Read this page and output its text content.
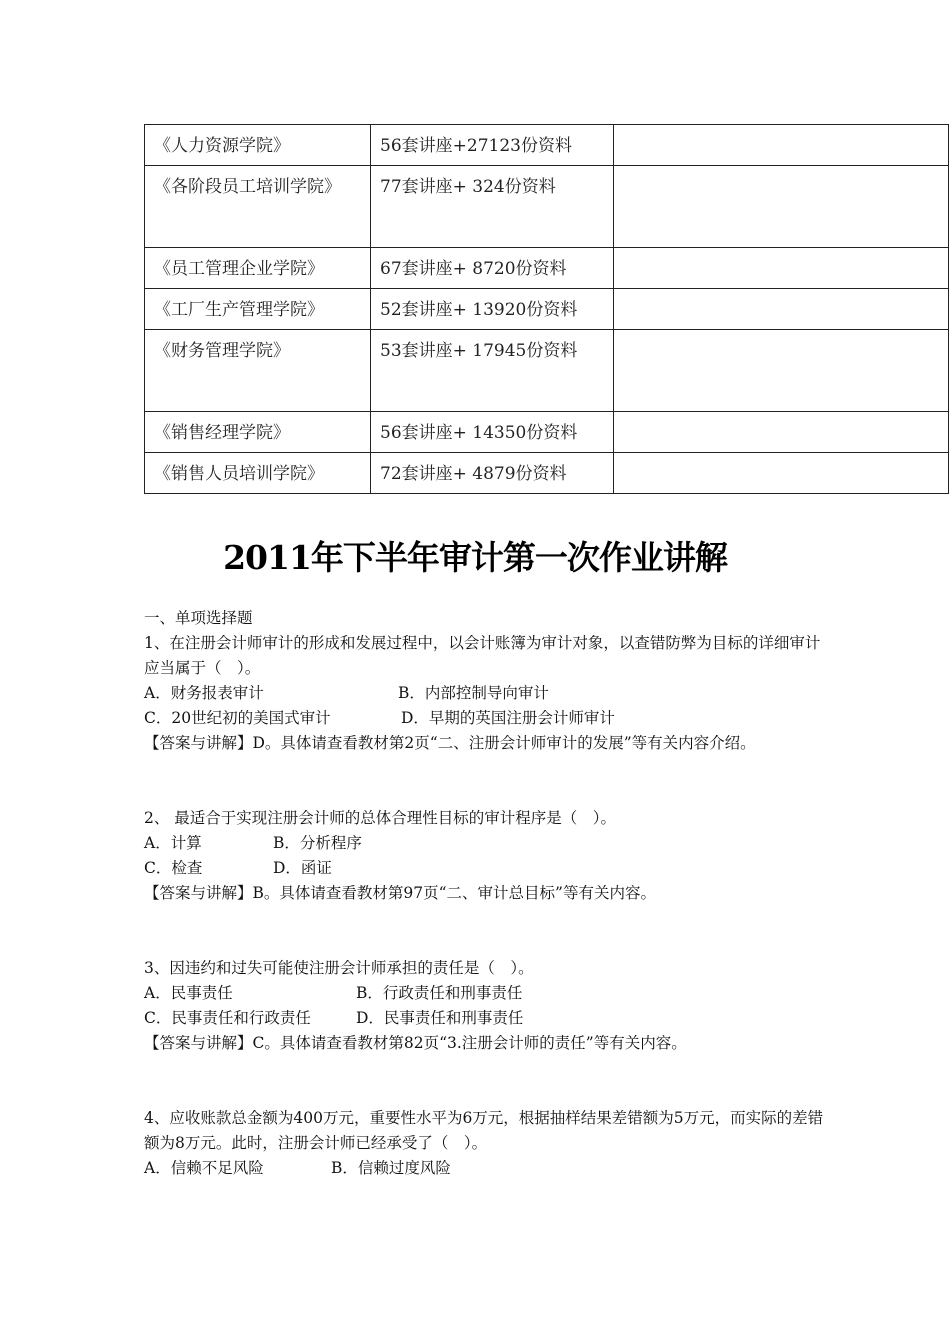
《人力资源学院》	56套讲座+27123份资料	
《各阶段员工培训学院》	77套讲座+ 324份资料	
《员工管理企业学院》	67套讲座+ 8720份资料	
《工厂生产管理学院》	52套讲座+ 13920份资料	
《财务管理学院》	53套讲座+ 17945份资料	
《销售经理学院》	56套讲座+ 14350份资料	
《销售人员培训学院》	72套讲座+ 4879份资料	
2011年下半年审计第一次作业讲解

一、单项选择题

1、在注册会计师审计的形成和发展过程中，以会计账簿为审计对象，以查错防弊为目标的详细审计应当属于（　）。

A．财务报表审计	B．内部控制导向审计

C．20世纪初的美国式审计	D．早期的英国注册会计师审计

【答案与讲解】D。具体请查看教材第2页“二、注册会计师审计的发展”等有关内容介绍。

2、 最适合于实现注册会计师的总体合理性目标的审计程序是（　）。

A．计算	B．分析程序

C．检查	D．函证

【答案与讲解】B。具体请查看教材第97页“二、审计总目标”等有关内容。

3、因违约和过失可能使注册会计师承担的责任是（　）。

A．民事责任	B．行政责任和刑事责任

C．民事责任和行政责任	D．民事责任和刑事责任

【答案与讲解】C。具体请查看教材第82页“3.注册会计师的责任”等有关内容。

4、应收账款总金额为400万元，重要性水平为6万元，根据抽样结果差错额为5万元，而实际的差错额为8万元。此时，注册会计师已经承受了（　）。

A．信赖不足风险	B．信赖过度风险
